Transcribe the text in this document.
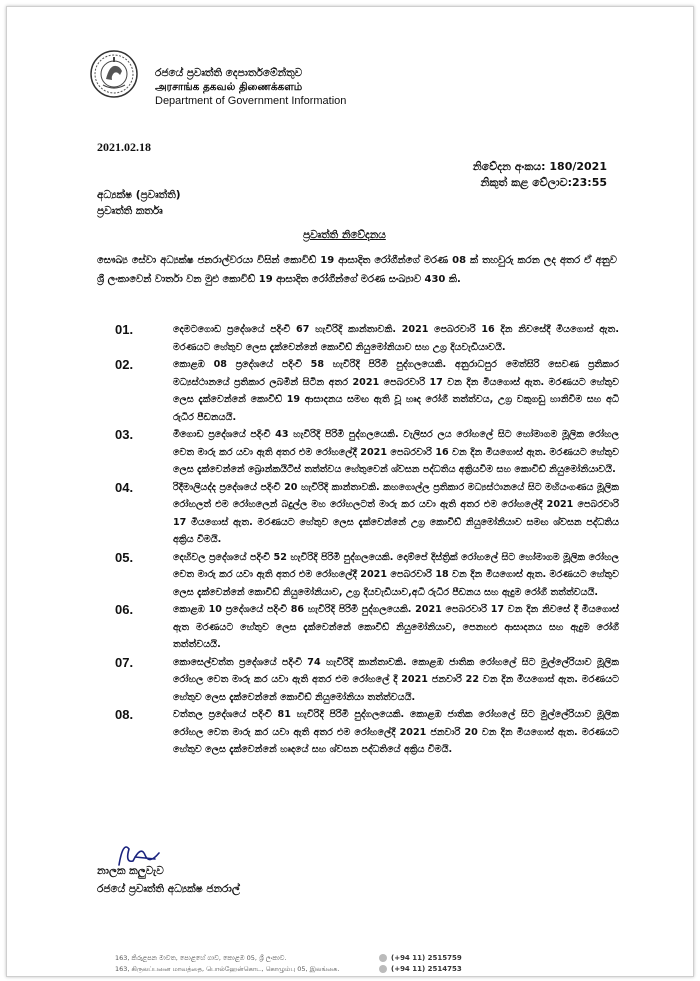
රජයේ ප්‍රවෘත්ති දෙපාර්තමේන්තුව
அரசாங்க தகவல் திணைக்களம்
Department of Government Information
2021.02.18
නිවේදන අංකය: 180/2021
නිකුත් කළ වේලාව:23:55
අධ්‍යක්ෂ (ප්‍රවෘත්ති)
ප්‍රවෘත්ති කර්තෘ
ප්‍රවෘත්ති නිවේදනය
සෞඛ්‍ය සේවා අධ්‍යක්ෂ ජනරාල්වරයා විසින් කොවිඩ් 19 ආසාදිත රෝගීන්ගේ මරණ 08 ක් තහවුරු කරන ලද අතර ඒ අනුව ශ්‍රී ලංකාවෙන් වාර්තා වන මුළු කොවිඩ් 19 ආසාදිත රෝගීන්ගේ මරණ සංඛ්‍යාව 430 කි.
01.	දෙමටගොඩ ප්‍රදේශයේ පදිංචි 67 හැවිරිදි කාන්තාවකි. 2021 පෙබරවාරි 16 දින නිවසේදී මියගොස් ඇත. මරණයට හේතුව ලෙස දැක්වෙන්නේ කොවිඩ් නියුමෝනියාව සහ උග්‍ර දියවැඩියාවයි.
02.	කොළඹ 08 ප්‍රදේශයේ පදිංචි 58 හැවිරිදි පිරිමි පුද්ගලයෙකි. අනුරාධපුර මෙත්සිරි සෙවණ ප්‍රතිකාර මධ්‍යස්ථානයේ ප්‍රතිකාර ලබමින් සිටින අතර 2021 පෙබරවාරි 17 වන දින මියගොස් ඇත. මරණයට හේතුව ලෙස දැක්වෙන්නේ කොවිඩ් 19 ආසාදනය සමඟ ඇති වූ හෘද රෝගී තත්ත්වය, උග්‍ර වකුගඩු හානිවීම සහ අධි රුධිර පීඩනයයි.
03.	මීගොඩ ප්‍රදේශයේ පදිංචි 43 හැවිරිදි පිරිමි පුද්ගලයෙකි. වැලිසර ලය රෝහලේ සිට හෝමාගම මූලික රෝහල වෙත මාරු කර යවා ඇති අතර එම රෝහලේදී 2021 පෙබරවාරි 16 වන දින මියගොස් ඇත. මරණයට හේතුව ලෙස දැක්වෙන්නේ බ්‍රොන්කයිටිස් තත්ත්වය හේතුවෙන් ශ්වසන පද්ධතිය අක්‍රියවීම සහ කොවිඩ් නියුමෝනියාවයි.
04.	රිදීමාලියද්ද ප්‍රදේශයේ පදිංචි 20 හැවිරිදි කාන්තාවකි. කහගොල්ල ප්‍රතිකාර මධ්‍යස්ථානයේ සිට මහියංගණය මූලික රෝහලත් එම රෝහලෙන් බදුල්ල මහ රෝහලටත් මාරු කර යවා ඇති අතර එම රෝහලේදී 2021 පෙබරවාරි 17 මියගොස් ඇත. මරණයට හේතුව ලෙස දැක්වෙන්නේ උග්‍ර කොවිඩ් නියුමෝනියාව සමඟ ශ්වසන පද්ධතිය අක්‍රිය වීමයි.
05.	දෙහිවල ප්‍රදේශයේ පදිංචි 52 හැවිරිදි පිරිමි පුද්ගලයෙකි. දොම්පේ දිස්ත්‍රික් රෝහලේ සිට හෝමාගම මූලික රෝහල වෙත මාරු කර යවා ඇති අතර එම රෝහලේදී 2021 පෙබරවාරි 18 වන දින මියගොස් ඇත. මරණයට හේතුව ලෙස දැක්වෙන්නේ කොවිඩ් නියුමෝනියාව, උග්‍ර දියවැඩියාව,අධි රුධිර පීඩනය සහ ඇදුම රෝගී තත්ත්වයයි.
06.	කොළඹ 10 ප්‍රදේශයේ පදිංචි 86 හැවිරිදි පිරිමි පුද්ගලයෙකි. 2021 පෙබරවාරි 17 වන දින නිවසේ දී මියගොස් ඇත මරණයට හේතුව ලෙස දැක්වෙන්නේ කොවිඩ් නියුමෝනියාව, පෙනහළු ආසාදනය සහ ඇදුම රෝගී තත්ත්වයයි.
07.	කොසෙල්වත්ත ප්‍රදේශයේ පදිංචි 74 හැවිරිදි කාන්තාවකි. කොළඹ ජාතික රෝහලේ සිට මුල්ලේරියාව මූලික රෝහල වෙත මාරු කර යවා ඇති අතර එම රෝහලේ දී 2021 ජනවාරි 22 වන දින මියගොස් ඇත. මරණයට හේතුව ලෙස දැක්වෙන්නේ කොවිඩ් නියුමෝනියා තත්ත්වයයි.
08.	වත්තල ප්‍රදේශයේ පදිංචි 81 හැවිරිදි පිරිමි පුද්ගලයෙකි. කොළඹ ජාතික රෝහලේ සිට මුල්ලේරියාව මූලික රෝහල වෙත මාරු කර යවා ඇති අතර එම රෝහලේදී 2021 ජනවාරි 20 වන දින මියගොස් ඇත. මරණයට හේතුව ලෙස දැක්වෙන්නේ හෘදයේ සහ ශ්වසන පද්ධතියේ අක්‍රිය වීමයි.
නාලක කලුවැව
රජයේ ප්‍රවෘත්ති අධ්‍යක්ෂ ජනරාල්
163, කිරුළපන මාවත, පොළහේ ගාව, කොළඹ 05, ශ්‍රී ලංකාව.
163, கிருலப்பனை மாவத்தை, பொல்ஹேன்கொட, கொழும்பு 05, இலங்கை.
(+94 11) 2515759
(+94 11) 2514753
